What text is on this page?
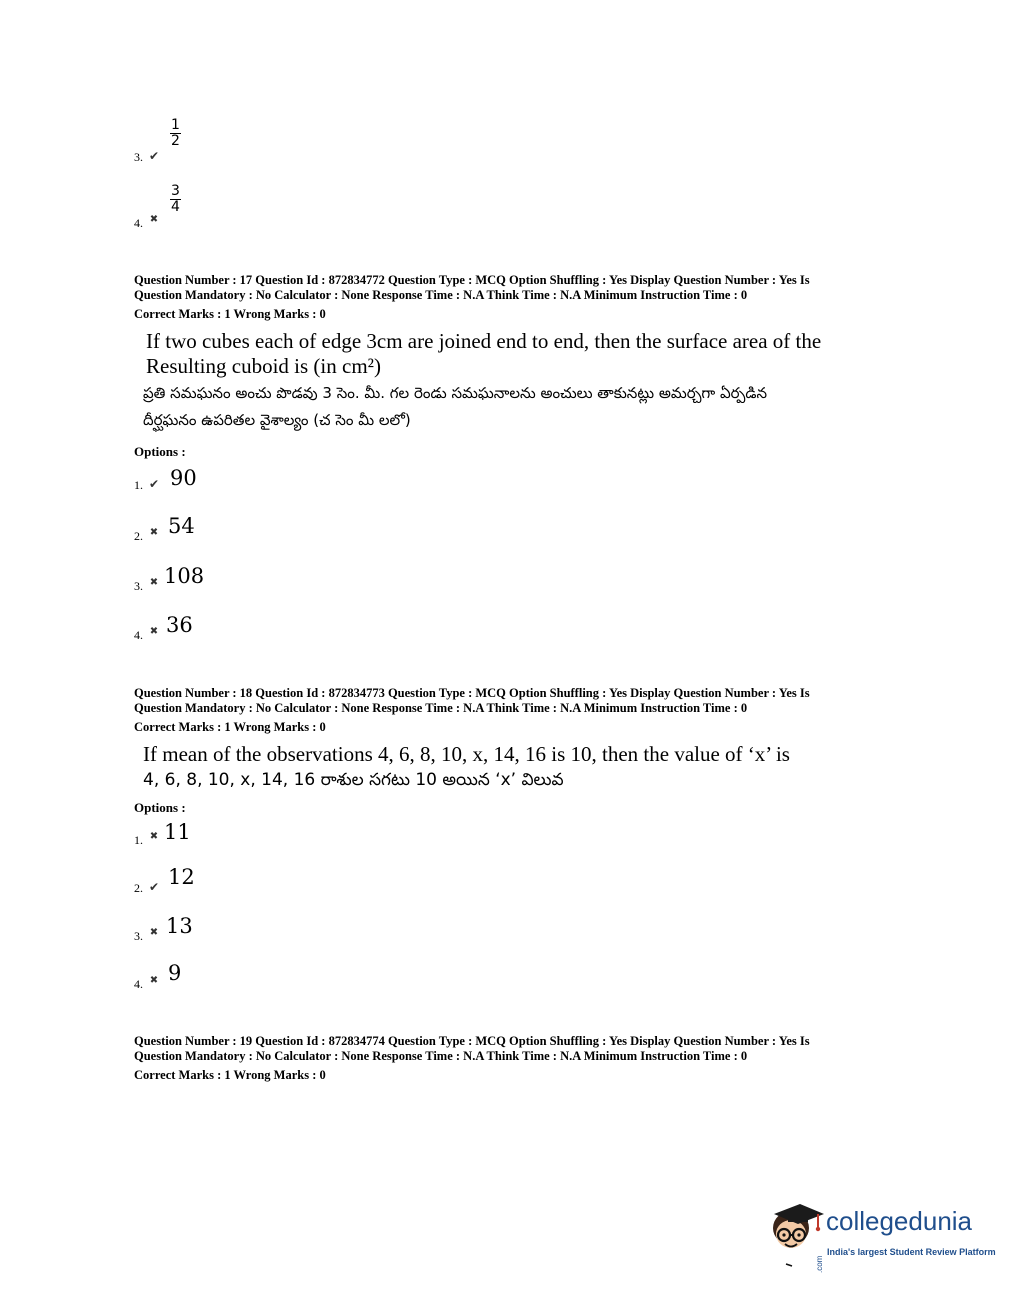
3. ✔
$\frac{1}{2}$
4. ✖
$\frac{3}{4}$
Question Number : 17 Question Id : 872834772 Question Type : MCQ Option Shuffling : Yes Display Question Number : Yes Is
Question Mandatory : No Calculator : None Response Time : N.A Think Time : N.A Minimum Instruction Time : 0
Correct Marks : 1 Wrong Marks : 0
If two cubes each of edge 3cm are joined end to end, then the surface area of the
Resulting cuboid is (in cm²)
ప్రతి సమఘనం అంచు పొడవు 3 సెం. మీ. గల రెండు సమఘనాలను అంచులు తాకునట్లు అమర్చగా ఏర్పడిన
దీర్ఘఘనం ఉపరితల వైశాల్యం (చ సెం మీ లలో)
Options :
1. ✔ 90
2. ✖ 54
3. ✖ 108
4. ✖ 36
Question Number : 18 Question Id : 872834773 Question Type : MCQ Option Shuffling : Yes Display Question Number : Yes Is
Question Mandatory : No Calculator : None Response Time : N.A Think Time : N.A Minimum Instruction Time : 0
Correct Marks : 1 Wrong Marks : 0
If mean of the observations 4, 6, 8, 10, x, 14, 16 is 10, then the value of ‘x’ is
4, 6, 8, 10, x, 14, 16 రాశుల సగటు 10 అయిన ‘x’ విలువ
Options :
1. ✖ 11
2. ✔ 12
3. ✖ 13
4. ✖ 9
Question Number : 19 Question Id : 872834774 Question Type : MCQ Option Shuffling : Yes Display Question Number : Yes Is
Question Mandatory : No Calculator : None Response Time : N.A Think Time : N.A Minimum Instruction Time : 0
Correct Marks : 1 Wrong Marks : 0
collegedunia.com
India's largest Student Review Platform
